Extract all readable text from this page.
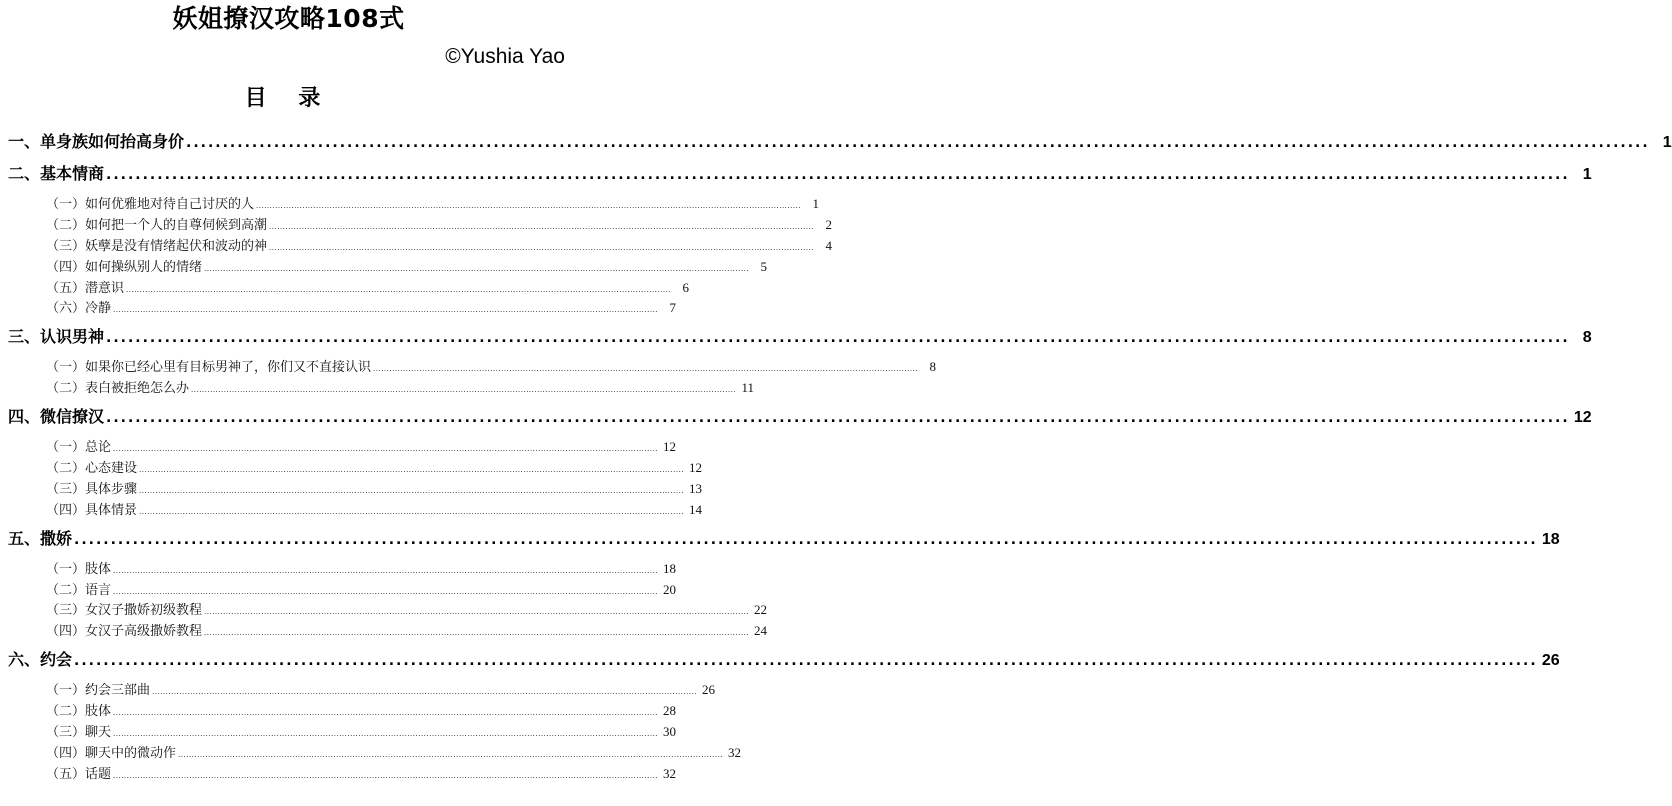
妖姐撩汉攻略108式
©Yushia Yao
目 录
一、单身族如何抬高身价 ........................................................................................................................................................................................................ 1
二、基本情商 ........................................................................................................................................................................................................ 1
（一）如何优雅地对待自己讨厌的人 ........................................................................................................................................................................................................ 1
（二）如何把一个人的自尊伺候到高潮 ........................................................................................................................................................................................................ 2
（三）妖孽是没有情绪起伏和波动的神 ........................................................................................................................................................................................................ 4
（四）如何操纵别人的情绪 ........................................................................................................................................................................................................ 5
（五）潜意识 ........................................................................................................................................................................................................ 6
（六）冷静 ........................................................................................................................................................................................................ 7
三、认识男神 ........................................................................................................................................................................................................ 8
（一）如果你已经心里有目标男神了，你们又不直接认识 ........................................................................................................................................................................................................ 8
（二）表白被拒绝怎么办 ........................................................................................................................................................................................................ 11
四、微信撩汉 ........................................................................................................................................................................................................ 12
（一）总论 ........................................................................................................................................................................................................ 12
（二）心态建设 ........................................................................................................................................................................................................ 12
（三）具体步骤 ........................................................................................................................................................................................................ 13
（四）具体情景 ........................................................................................................................................................................................................ 14
五、撒娇 ........................................................................................................................................................................................................ 18
（一）肢体 ........................................................................................................................................................................................................ 18
（二）语言 ........................................................................................................................................................................................................ 20
（三）女汉子撒娇初级教程 ........................................................................................................................................................................................................ 22
（四）女汉子高级撒娇教程 ........................................................................................................................................................................................................ 24
六、约会 ........................................................................................................................................................................................................ 26
（一）约会三部曲 ........................................................................................................................................................................................................ 26
（二）肢体 ........................................................................................................................................................................................................ 28
（三）聊天 ........................................................................................................................................................................................................ 30
（四）聊天中的微动作 ........................................................................................................................................................................................................ 32
（五）话题 ........................................................................................................................................................................................................ 32
